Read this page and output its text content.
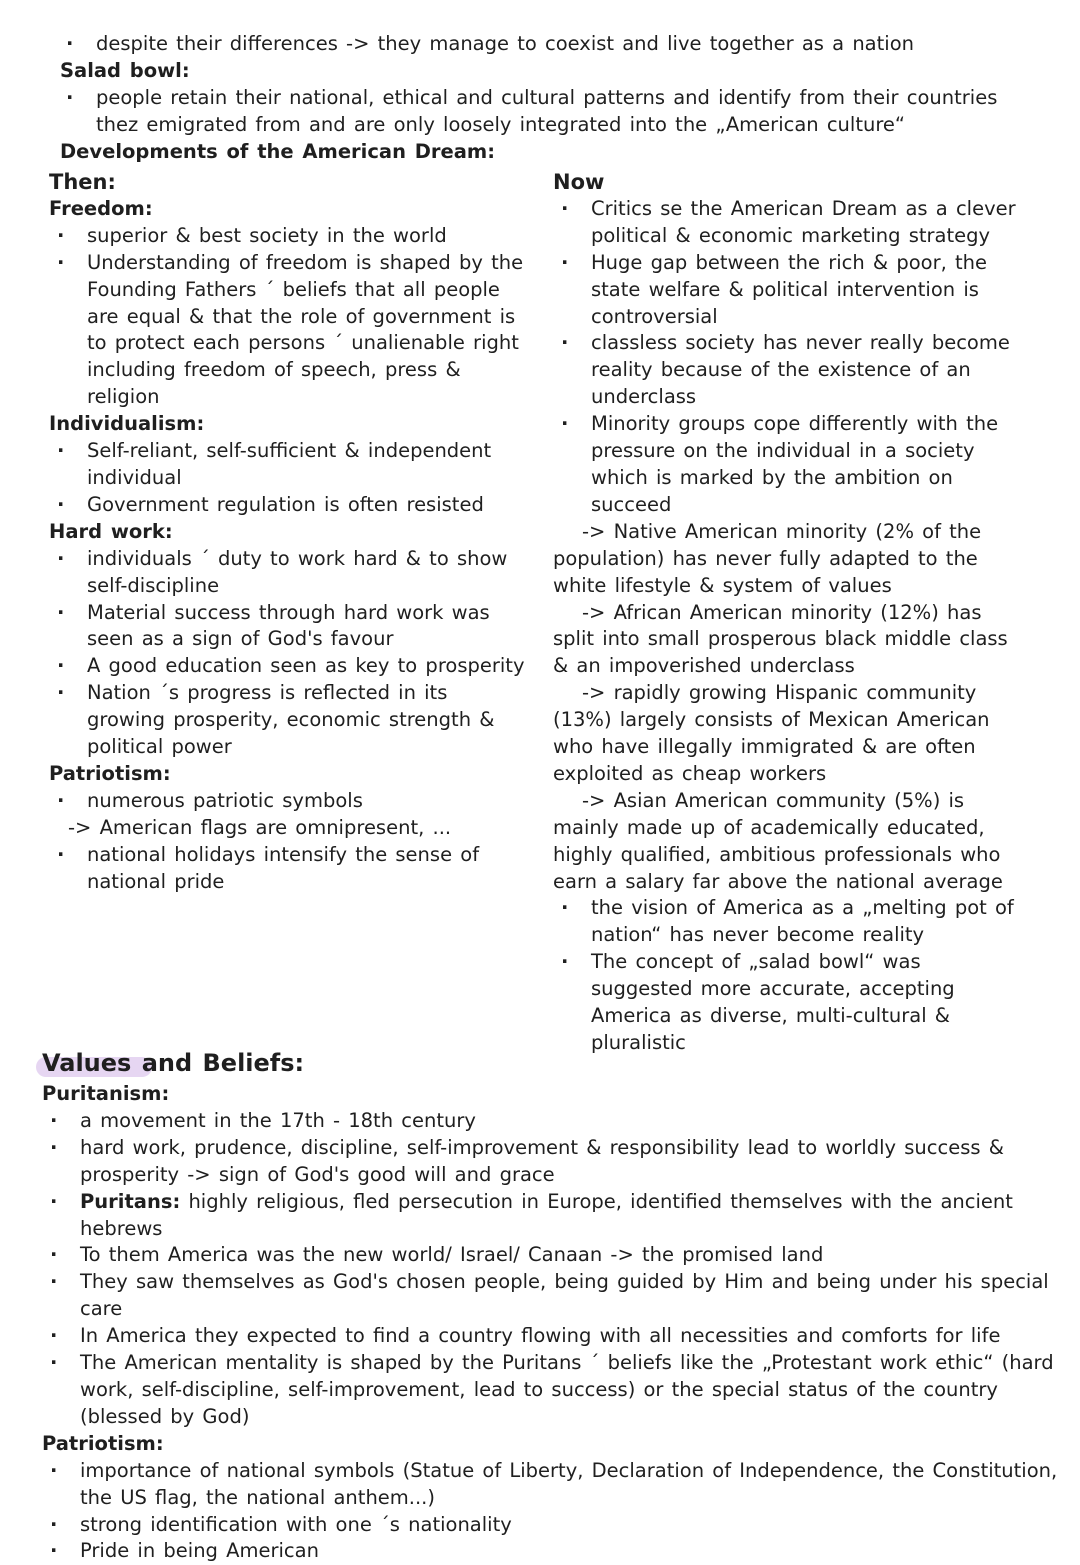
· despite their differences -> they manage to coexist and live together as a nation
Salad bowl:
· people retain their national, ethical and cultural patterns and identify from their countries thez emigrated from and are only loosely integrated into the „American culture“
Developments of the American Dream:
Then:
Freedom:
· superior & best society in the world
· Understanding of freedom is shaped by the Founding Fathers ´ beliefs that all people are equal & that the role of government is to protect each persons ´ unalienable right including freedom of speech, press & religion
Individualism:
· Self-reliant, self-sufficient & independent individual
· Government regulation is often resisted
Hard work:
· individuals ´ duty to work hard & to show self-discipline
· Material success through hard work was seen as a sign of God's favour
· A good education seen as key to prosperity
· Nation ´s progress is reflected in its growing prosperity, economic strength & political power
Patriotism:
· numerous patriotic symbols
-> American flags are omnipresent, ...
· national holidays intensify the sense of national pride
Now
· Critics se the American Dream as a clever political & economic marketing strategy
· Huge gap between the rich & poor, the state welfare & political intervention is controversial
· classless society has never really become reality because of the existence of an underclass
· Minority groups cope differently with the pressure on the individual in a society which is marked by the ambition on succeed
-> Native American minority (2% of the population) has never fully adapted to the white lifestyle & system of values
-> African American minority (12%) has split into small prosperous black middle class & an impoverished underclass
-> rapidly growing Hispanic community (13%) largely consists of Mexican American who have illegally immigrated & are often exploited as cheap workers
-> Asian American community (5%) is mainly made up of academically educated, highly qualified, ambitious professionals who earn a salary far above the national average
· the vision of America as a „melting pot of nation“ has never become reality
· The concept of „salad bowl“ was suggested more accurate, accepting America as diverse, multi-cultural & pluralistic
Values and Beliefs:
Puritanism:
· a movement in the 17th - 18th century
· hard work, prudence, discipline, self-improvement & responsibility lead to worldly success & prosperity -> sign of God's good will and grace
· Puritans: highly religious, fled persecution in Europe, identified themselves with the ancient hebrews
· To them America was the new world/ Israel/ Canaan -> the promised land
· They saw themselves as God's chosen people, being guided by Him and being under his special care
· In America they expected to find a country flowing with all necessities and comforts for life
· The American mentality is shaped by the Puritans ´ beliefs like the „Protestant work ethic“ (hard work, self-discipline, self-improvement, lead to success) or the special status of the country (blessed by God)
Patriotism:
· importance of national symbols (Statue of Liberty, Declaration of Independence, the Constitution, the US flag, the national anthem...)
· strong identification with one ´s nationality
· Pride in being American
